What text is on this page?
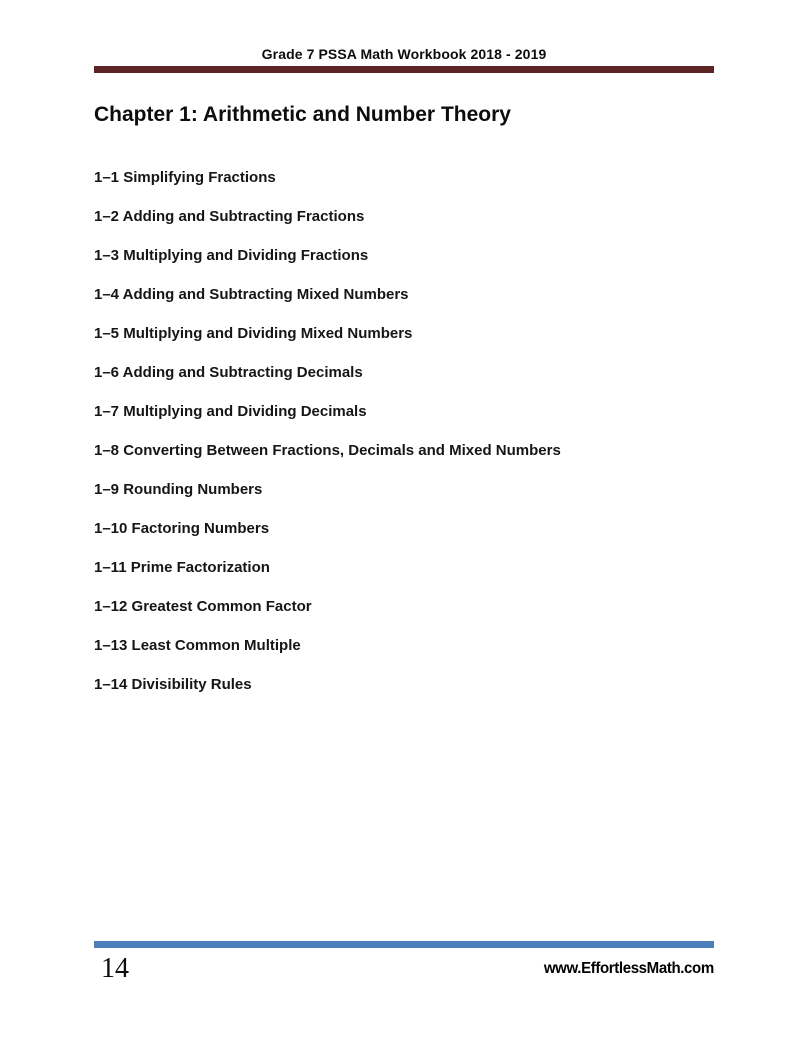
Grade 7 PSSA Math Workbook 2018 - 2019
Chapter 1: Arithmetic and Number Theory
1–1 Simplifying Fractions
1–2 Adding and Subtracting Fractions
1–3 Multiplying and Dividing Fractions
1–4 Adding and Subtracting Mixed Numbers
1–5 Multiplying and Dividing Mixed Numbers
1–6 Adding and Subtracting Decimals
1–7 Multiplying and Dividing Decimals
1–8 Converting Between Fractions, Decimals and Mixed Numbers
1–9 Rounding Numbers
1–10 Factoring Numbers
1–11 Prime Factorization
1–12 Greatest Common Factor
1–13 Least Common Multiple
1–14 Divisibility Rules
14	www.EffortlessMath.com
